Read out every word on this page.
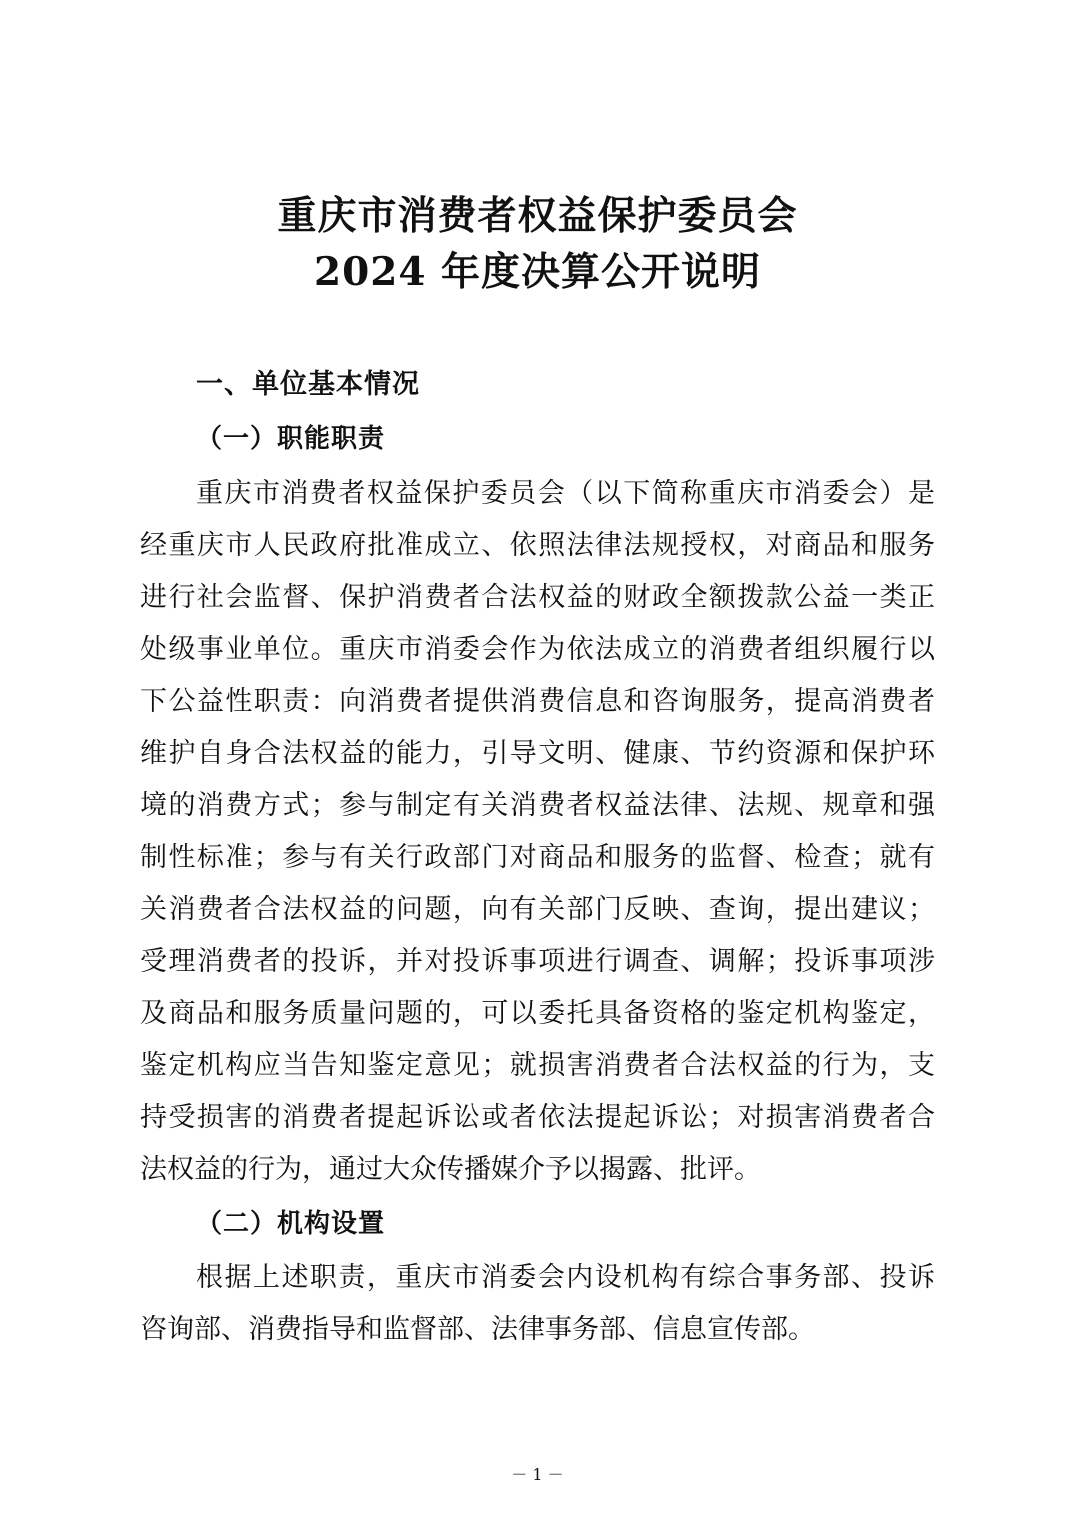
重庆市消费者权益保护委员会
2024 年度决算公开说明
一、单位基本情况
（一）职能职责
重庆市消费者权益保护委员会（以下简称重庆市消委会）是
经重庆市人民政府批准成立、依照法律法规授权，对商品和服务
进行社会监督、保护消费者合法权益的财政全额拨款公益一类正
处级事业单位。重庆市消委会作为依法成立的消费者组织履行以
下公益性职责：向消费者提供消费信息和咨询服务，提高消费者
维护自身合法权益的能力，引导文明、健康、节约资源和保护环
境的消费方式；参与制定有关消费者权益法律、法规、规章和强
制性标准；参与有关行政部门对商品和服务的监督、检查；就有
关消费者合法权益的问题，向有关部门反映、查询，提出建议；
受理消费者的投诉，并对投诉事项进行调查、调解；投诉事项涉
及商品和服务质量问题的，可以委托具备资格的鉴定机构鉴定，
鉴定机构应当告知鉴定意见；就损害消费者合法权益的行为，支
持受损害的消费者提起诉讼或者依法提起诉讼；对损害消费者合
法权益的行为，通过大众传播媒介予以揭露、批评。
（二）机构设置
根据上述职责，重庆市消委会内设机构有综合事务部、投诉
咨询部、消费指导和监督部、法律事务部、信息宣传部。
－ 1 －
